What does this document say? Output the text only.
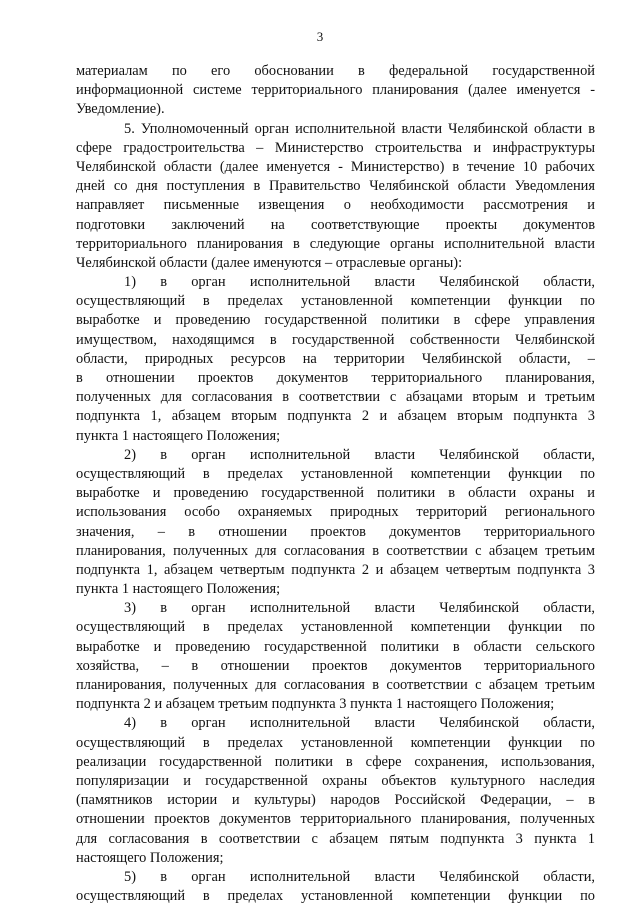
3
материалам по его обосновании в федеральной государственной
информационной системе территориального планирования (далее именуется -
Уведомление).
5. Уполномоченный орган исполнительной власти Челябинской области в
сфере градостроительства – Министерство строительства и инфраструктуры
Челябинской области (далее именуется - Министерство) в течение 10 рабочих
дней со дня поступления в Правительство Челябинской области Уведомления
направляет письменные извещения о необходимости рассмотрения и
подготовки заключений на соответствующие проекты документов
территориального планирования в следующие органы исполнительной власти
Челябинской области (далее именуются – отраслевые органы):
1) в орган исполнительной власти Челябинской области,
осуществляющий в пределах установленной компетенции функции по
выработке и проведению государственной политики в сфере управления
имуществом, находящимся в государственной собственности Челябинской
области, природных ресурсов на территории Челябинской области, –
в отношении проектов документов территориального планирования,
полученных для согласования в соответствии с абзацами вторым и третьим
подпункта 1, абзацем вторым подпункта 2 и абзацем вторым подпункта 3
пункта 1 настоящего Положения;
2) в орган исполнительной власти Челябинской области,
осуществляющий в пределах установленной компетенции функции по
выработке и проведению государственной политики в области охраны и
использования особо охраняемых природных территорий регионального
значения, – в отношении проектов документов территориального
планирования, полученных для согласования в соответствии с абзацем третьим
подпункта 1, абзацем четвертым подпункта 2 и абзацем четвертым подпункта 3
пункта 1 настоящего Положения;
3) в орган исполнительной власти Челябинской области,
осуществляющий в пределах установленной компетенции функции по
выработке и проведению государственной политики в области сельского
хозяйства, – в отношении проектов документов территориального
планирования, полученных для согласования в соответствии с абзацем третьим
подпункта 2 и абзацем третьим подпункта 3 пункта 1 настоящего Положения;
4) в орган исполнительной власти Челябинской области,
осуществляющий в пределах установленной компетенции функции по
реализации государственной политики в сфере сохранения, использования,
популяризации и государственной охраны объектов культурного наследия
(памятников истории и культуры) народов Российской Федерации, – в
отношении проектов документов территориального планирования, полученных
для согласования в соответствии с абзацем пятым подпункта 3 пункта 1
настоящего Положения;
5) в орган исполнительной власти Челябинской области,
осуществляющий в пределах установленной компетенции функции по
